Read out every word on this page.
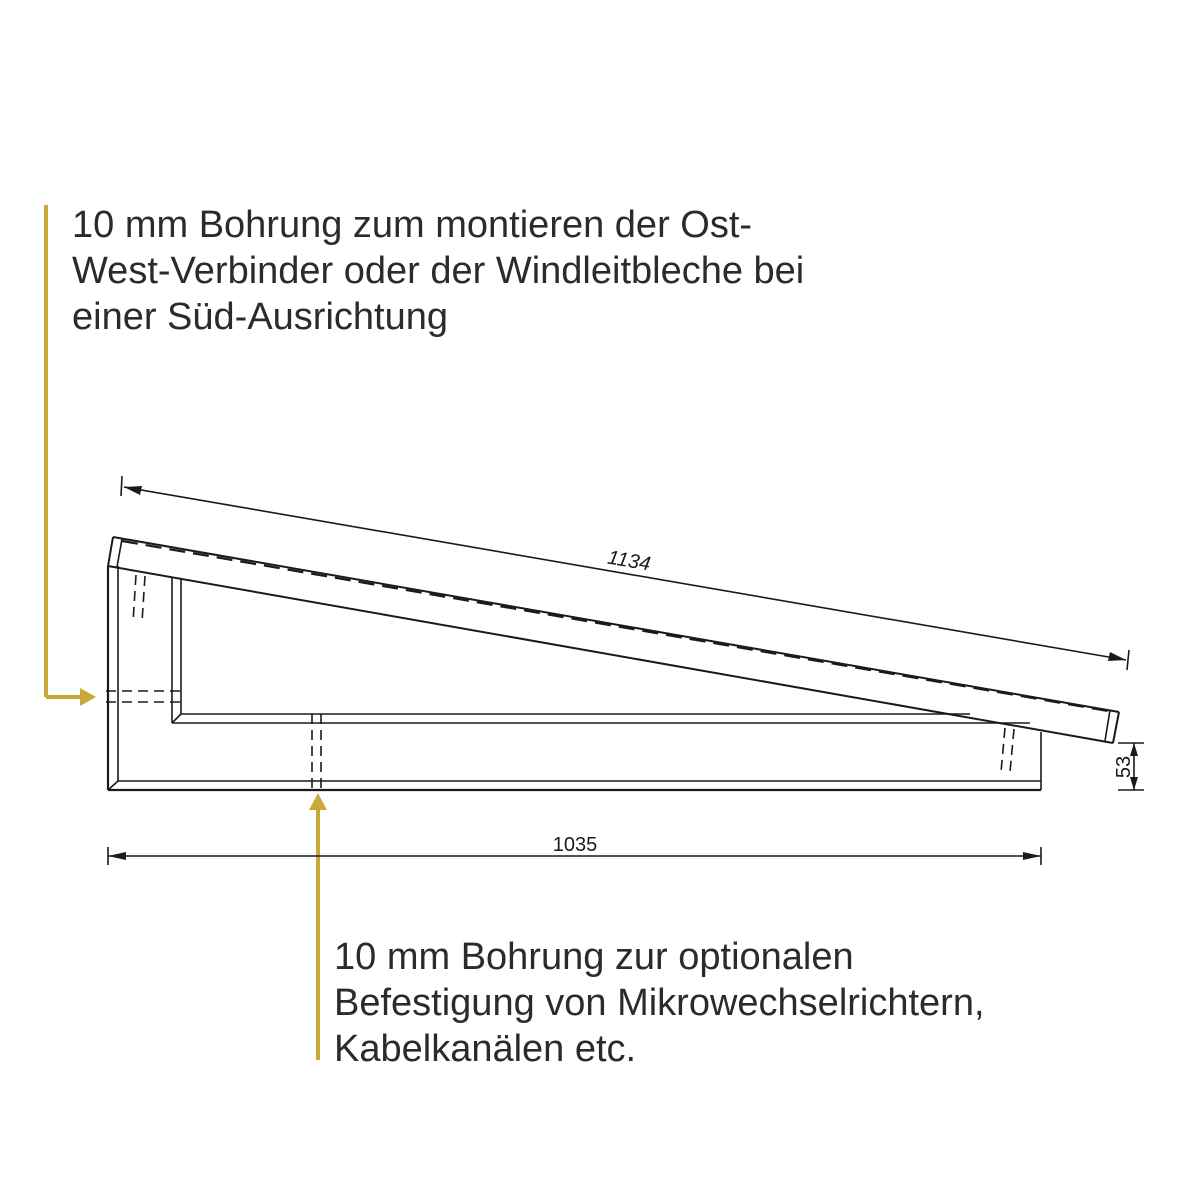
1134
1035
53
10 mm Bohrung zum montieren der Ost-
West-Verbinder oder der Windleitbleche bei
einer Süd-Ausrichtung
10 mm Bohrung zur optionalen
Befestigung von Mikrowechselrichtern,
Kabelkanälen etc.
